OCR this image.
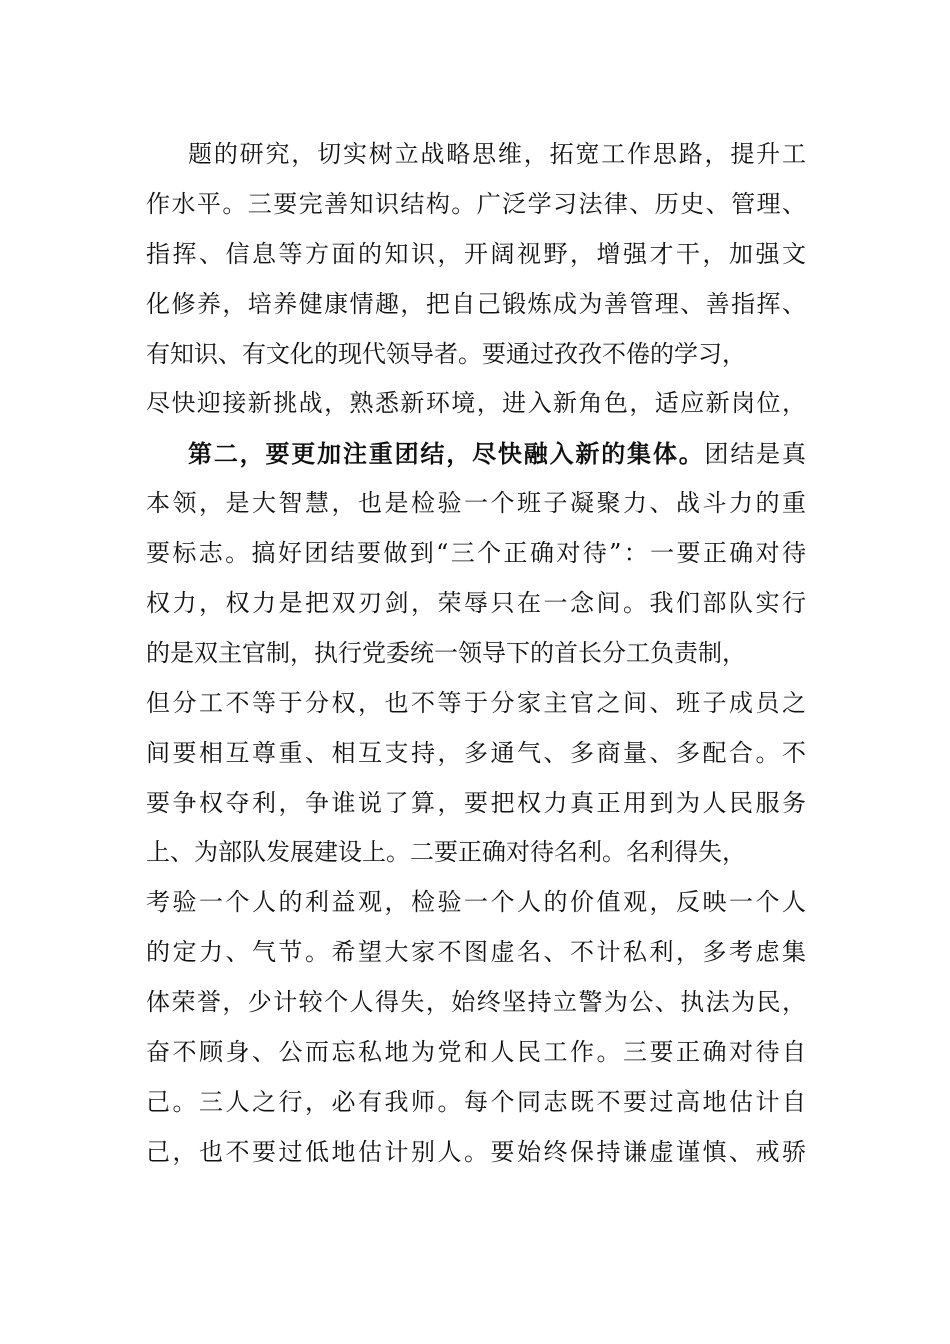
题的研究，切实树立战略思维，拓宽工作思路，提升工
作水平。三要完善知识结构。广泛学习法律、历史、管理、
指挥、信息等方面的知识，开阔视野，增强才干，加强文
化修养，培养健康情趣，把自己锻炼成为善管理、善指挥、
有知识、有文化的现代领导者。要通过孜孜不倦的学习，
尽快迎接新挑战，熟悉新环境，进入新角色，适应新岗位，
第二，要更加注重团结，尽快融入新的集体。团结是真
本领，是大智慧，也是检验一个班子凝聚力、战斗力的重
要标志。搞好团结要做到“三个正确对待”：一要正确对待
权力，权力是把双刃剑，荣辱只在一念间。我们部队实行
的是双主官制，执行党委统一领导下的首长分工负责制，
但分工不等于分权，也不等于分家主官之间、班子成员之
间要相互尊重、相互支持，多通气、多商量、多配合。不
要争权夺利，争谁说了算，要把权力真正用到为人民服务
上、为部队发展建设上。二要正确对待名利。名利得失，
考验一个人的利益观，检验一个人的价值观，反映一个人
的定力、气节。希望大家不图虚名、不计私利，多考虑集
体荣誉，少计较个人得失，始终坚持立警为公、执法为民，
奋不顾身、公而忘私地为党和人民工作。三要正确对待自
己。三人之行，必有我师。每个同志既不要过高地估计自
己，也不要过低地估计别人。要始终保持谦虚谨慎、戒骄
